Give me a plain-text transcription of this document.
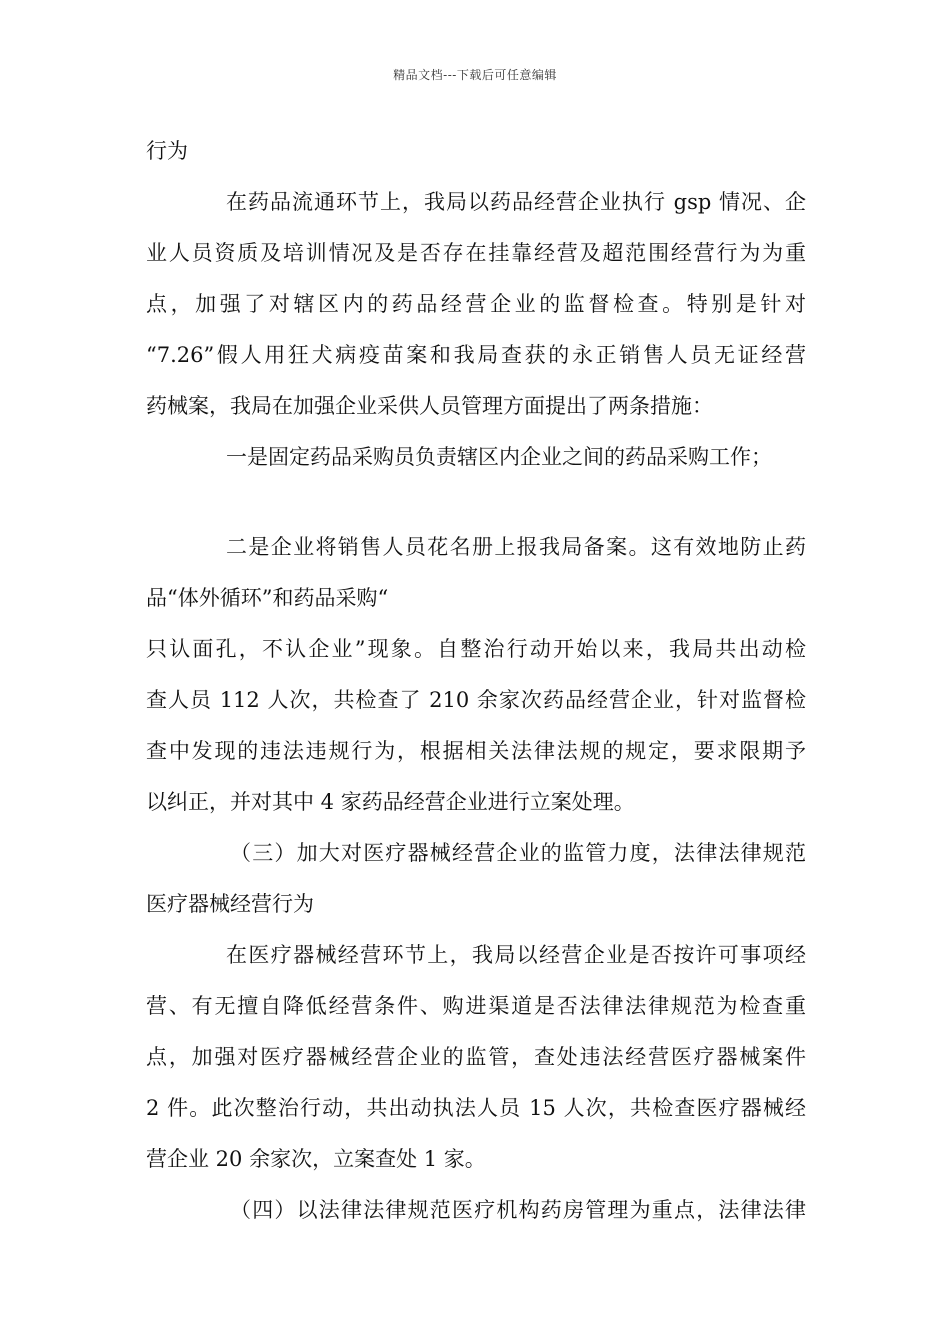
精品文档---下载后可任意编辑
行为
在药品流通环节上，我局以药品经营企业执行 gsp 情况、企
业人员资质及培训情况及是否存在挂靠经营及超范围经营行为为重
点，加强了对辖区内的药品经营企业的监督检查。特别是针对
“7.26”假人用狂犬病疫苗案和我局查获的永正销售人员无证经营
药械案，我局在加强企业采供人员管理方面提出了两条措施：
一是固定药品采购员负责辖区内企业之间的药品采购工作；
二是企业将销售人员花名册上报我局备案。这有效地防止药
品“体外循环”和药品采购“
只认面孔，不认企业”现象。自整治行动开始以来，我局共出动检
查人员 112 人次，共检查了 210 余家次药品经营企业，针对监督检
查中发现的违法违规行为，根据相关法律法规的规定，要求限期予
以纠正，并对其中 4 家药品经营企业进行立案处理。
（三）加大对医疗器械经营企业的监管力度，法律法律规范
医疗器械经营行为
在医疗器械经营环节上，我局以经营企业是否按许可事项经
营、有无擅自降低经营条件、购进渠道是否法律法律规范为检查重
点，加强对医疗器械经营企业的监管，查处违法经营医疗器械案件
2 件。此次整治行动，共出动执法人员 15 人次，共检查医疗器械经
营企业 20 余家次，立案查处 1 家。
（四）以法律法律规范医疗机构药房管理为重点，法律法律
